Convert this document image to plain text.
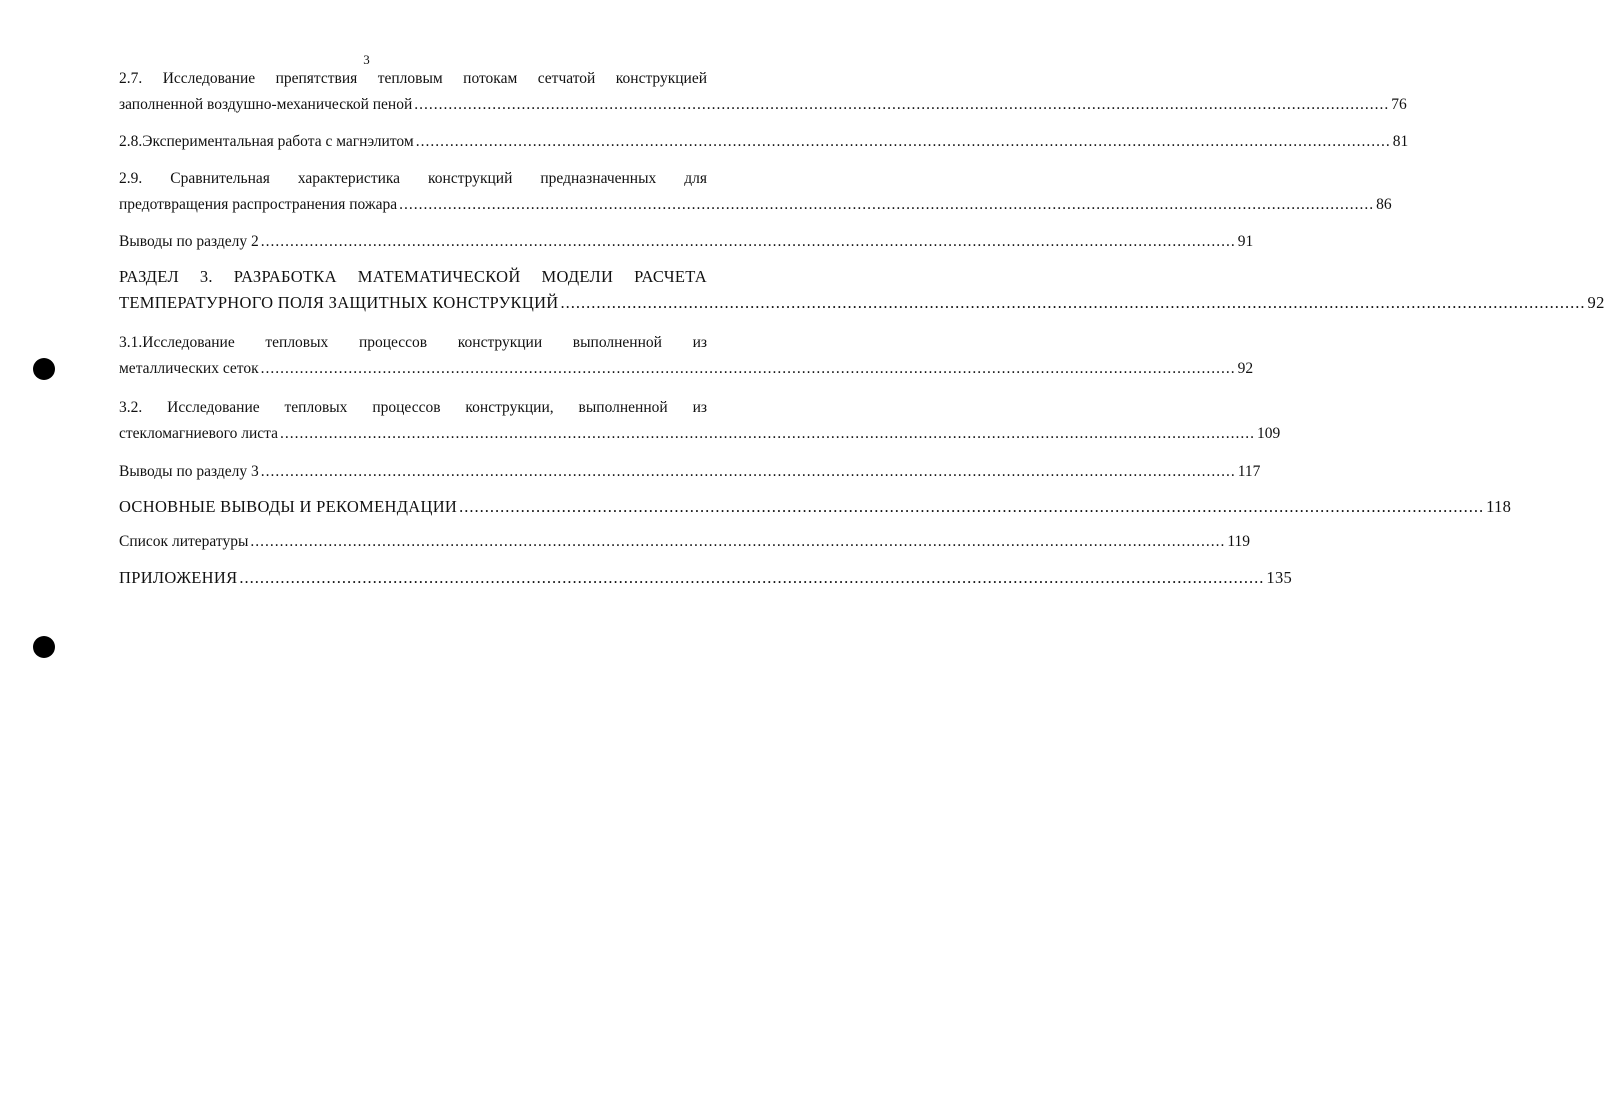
3
2.7. Исследование препятствия тепловым потокам сетчатой конструкцией
заполненной воздушно-механической пеной ........................................................................................................................................................................................................ 76
2.8.Экспериментальная работа с магнэлитом ........................................................................................................................................................................................................ 81
2.9. Сравнительная характеристика конструкций предназначенных для
предотвращения распространения пожара ........................................................................................................................................................................................................ 86
Выводы по разделу 2 ........................................................................................................................................................................................................ 91
РАЗДЕЛ 3. РАЗРАБОТКА МАТЕМАТИЧЕСКОЙ МОДЕЛИ РАСЧЕТА
ТЕМПЕРАТУРНОГО ПОЛЯ ЗАЩИТНЫХ КОНСТРУКЦИЙ ........................................................................................................................................................................................................ 92
3.1.Исследование тепловых процессов конструкции выполненной из
металлических сеток ........................................................................................................................................................................................................ 92
3.2. Исследование тепловых процессов конструкции, выполненной из
стекломагниевого листа ........................................................................................................................................................................................................ 109
Выводы по разделу 3 ........................................................................................................................................................................................................ 117
ОСНОВНЫЕ ВЫВОДЫ И РЕКОМЕНДАЦИИ ........................................................................................................................................................................................................ 118
Список литературы ........................................................................................................................................................................................................ 119
ПРИЛОЖЕНИЯ ........................................................................................................................................................................................................ 135
